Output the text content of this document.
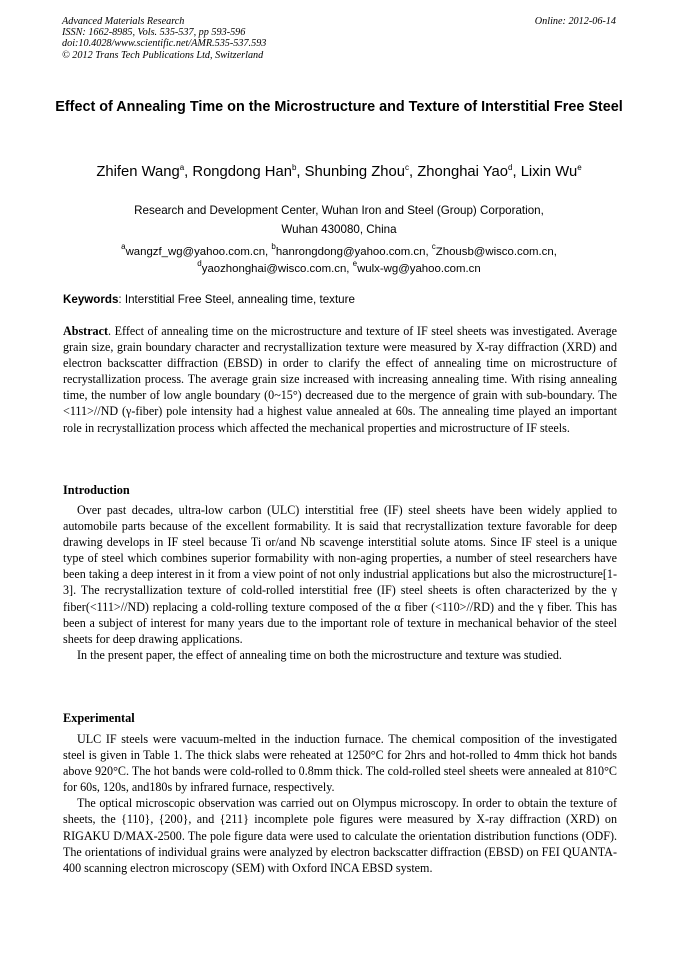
Advanced Materials Research
ISSN: 1662-8985, Vols. 535-537, pp 593-596
doi:10.4028/www.scientific.net/AMR.535-537.593
© 2012 Trans Tech Publications Ltd, Switzerland
Online: 2012-06-14
Effect of Annealing Time on the Microstructure and Texture of Interstitial Free Steel
Zhifen Wang$^a$, Rongdong Han$^b$, Shunbing Zhou$^c$, Zhonghai Yao$^d$, Lixin Wu$^e$
Research and Development Center, Wuhan Iron and Steel (Group) Corporation,
Wuhan 430080, China
$^a$wangzf_wg@yahoo.com.cn, $^b$hanrongdong@yahoo.com.cn, $^c$Zhousb@wisco.com.cn,
$^d$yaozhonghai@wisco.com.cn, $^e$wulx-wg@yahoo.com.cn
Keywords: Interstitial Free Steel, annealing time, texture
Abstract. Effect of annealing time on the microstructure and texture of IF steel sheets was investigated. Average grain size, grain boundary character and recrystallization texture were measured by X-ray diffraction (XRD) and electron backscatter diffraction (EBSD) in order to clarify the effect of annealing time on microstructure of recrystallization process. The average grain size increased with increasing annealing time. With rising annealing time, the number of low angle boundary (0~15°) decreased due to the mergence of grain with sub-boundary. The <111>//ND (γ-fiber) pole intensity had a highest value annealed at 60s. The annealing time played an important role in recrystallization process which affected the mechanical properties and microstructure of IF steels.
Introduction

Over past decades, ultra-low carbon (ULC) interstitial free (IF) steel sheets have been widely applied to automobile parts because of the excellent formability. It is said that recrystallization texture favorable for deep drawing develops in IF steel because Ti or/and Nb scavenge interstitial solute atoms. Since IF steel is a unique type of steel which combines superior formability with non-aging properties, a number of steel researchers have been taking a deep interest in it from a view point of not only industrial applications but also the microstructure[1-3]. The recrystallization texture of cold-rolled interstitial free (IF) steel sheets is often characterized by the γ fiber(<111>//ND) replacing a cold-rolling texture composed of the α fiber (<110>//RD) and the γ fiber. This has been a subject of interest for many years due to the important role of texture in mechanical behavior of the steel sheets for deep drawing applications.

In the present paper, the effect of annealing time on both the microstructure and texture was studied.

Experimental

ULC IF steels were vacuum-melted in the induction furnace. The chemical composition of the investigated steel is given in Table 1. The thick slabs were reheated at 1250°C for 2hrs and hot-rolled to 4mm thick hot bands above 920°C. The hot bands were cold-rolled to 0.8mm thick. The cold-rolled steel sheets were annealed at 810°C for 60s, 120s, and180s by infrared furnace, respectively.

The optical microscopic observation was carried out on Olympus microscopy. In order to obtain the texture of sheets, the {110}, {200}, and {211} incomplete pole figures were measured by X-ray diffraction (XRD) on RIGAKU D/MAX-2500. The pole figure data were used to calculate the orientation distribution functions (ODF). The orientations of individual grains were analyzed by electron backscatter diffraction (EBSD) on FEI QUANTA-400 scanning electron microscopy (SEM) with Oxford INCA EBSD system.
